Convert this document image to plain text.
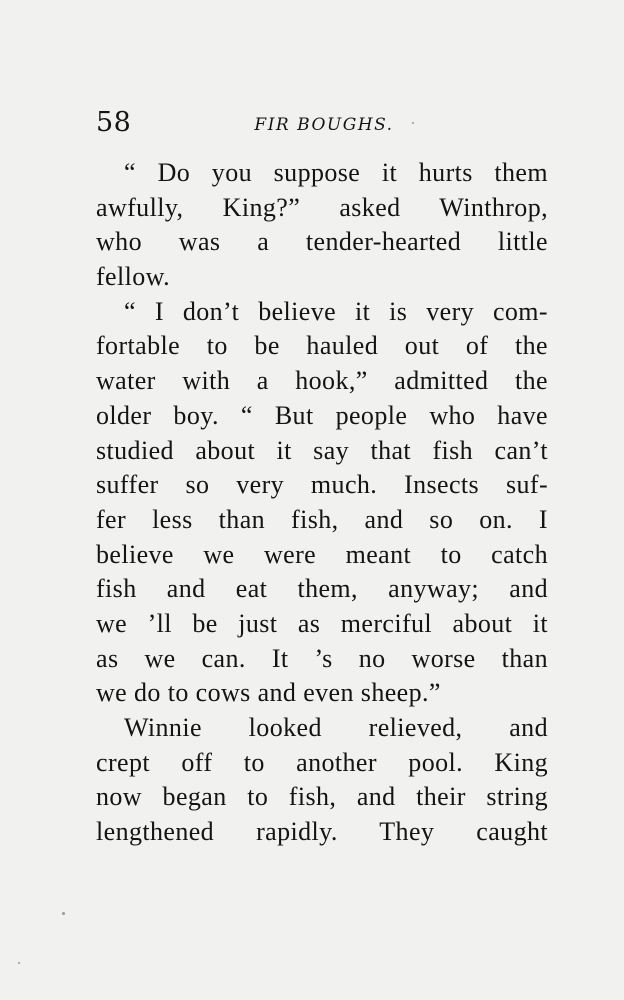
58	FIR BOUGHS.
“ Do you suppose it hurts them
awfully, King?” asked Winthrop,
who was a tender-hearted little
fellow.
“ I don’t believe it is very com-
fortable to be hauled out of the
water with a hook,” admitted the
older boy. “ But people who have
studied about it say that fish can’t
suffer so very much. Insects suf-
fer less than fish, and so on. I
believe we were meant to catch
fish and eat them, anyway; and
we ’ll be just as merciful about it
as we can. It ’s no worse than
we do to cows and even sheep.”
Winnie looked relieved, and
crept off to another pool. King
now began to fish, and their string
lengthened rapidly. They caught
